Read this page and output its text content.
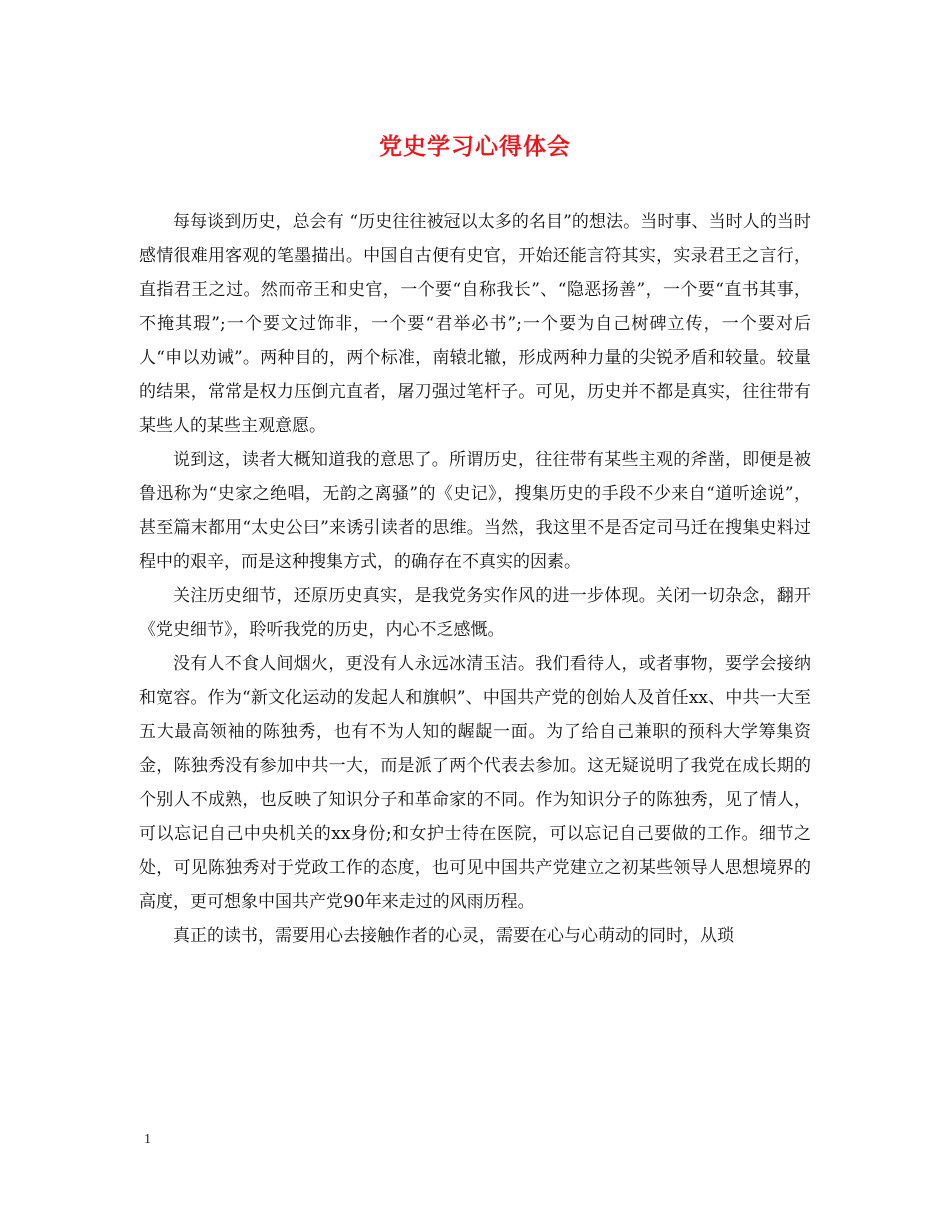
党史学习心得体会

每每谈到历史，总会有 “历史往往被冠以太多的名目”的想法。当时事、当时人的当时感情很难用客观的笔墨描出。中国自古便有史官，开始还能言符其实，实录君王之言行，直指君王之过。然而帝王和史官，一个要“自称我长”、“隐恶扬善”，一个要“直书其事，不掩其瑕”;一个要文过饰非，一个要“君举必书”;一个要为自己树碑立传，一个要对后人“申以劝诫”。两种目的，两个标准，南辕北辙，形成两种力量的尖锐矛盾和较量。较量的结果，常常是权力压倒亢直者，屠刀强过笔杆子。可见，历史并不都是真实，往往带有某些人的某些主观意愿。

说到这，读者大概知道我的意思了。所谓历史，往往带有某些主观的斧凿，即便是被鲁迅称为“史家之绝唱，无韵之离骚”的《史记》，搜集历史的手段不少来自“道听途说”，甚至篇末都用“太史公曰”来诱引读者的思维。当然，我这里不是否定司马迁在搜集史料过程中的艰辛，而是这种搜集方式，的确存在不真实的因素。

关注历史细节，还原历史真实，是我党务实作风的进一步体现。关闭一切杂念，翻开《党史细节》，聆听我党的历史，内心不乏感慨。

没有人不食人间烟火，更没有人永远冰清玉洁。我们看待人，或者事物，要学会接纳和宽容。作为“新文化运动的发起人和旗帜”、中国共产党的创始人及首任xx、中共一大至五大最高领袖的陈独秀，也有不为人知的龌龊一面。为了给自己兼职的预科大学筹集资金，陈独秀没有参加中共一大，而是派了两个代表去参加。这无疑说明了我党在成长期的个别人不成熟，也反映了知识分子和革命家的不同。作为知识分子的陈独秀，见了情人，可以忘记自己中央机关的xx身份;和女护士待在医院，可以忘记自己要做的工作。细节之处，可见陈独秀对于党政工作的态度，也可见中国共产党建立之初某些领导人思想境界的高度，更可想象中国共产党90年来走过的风雨历程。

真正的读书，需要用心去接触作者的心灵，需要在心与心萌动的同时，从琐

1
